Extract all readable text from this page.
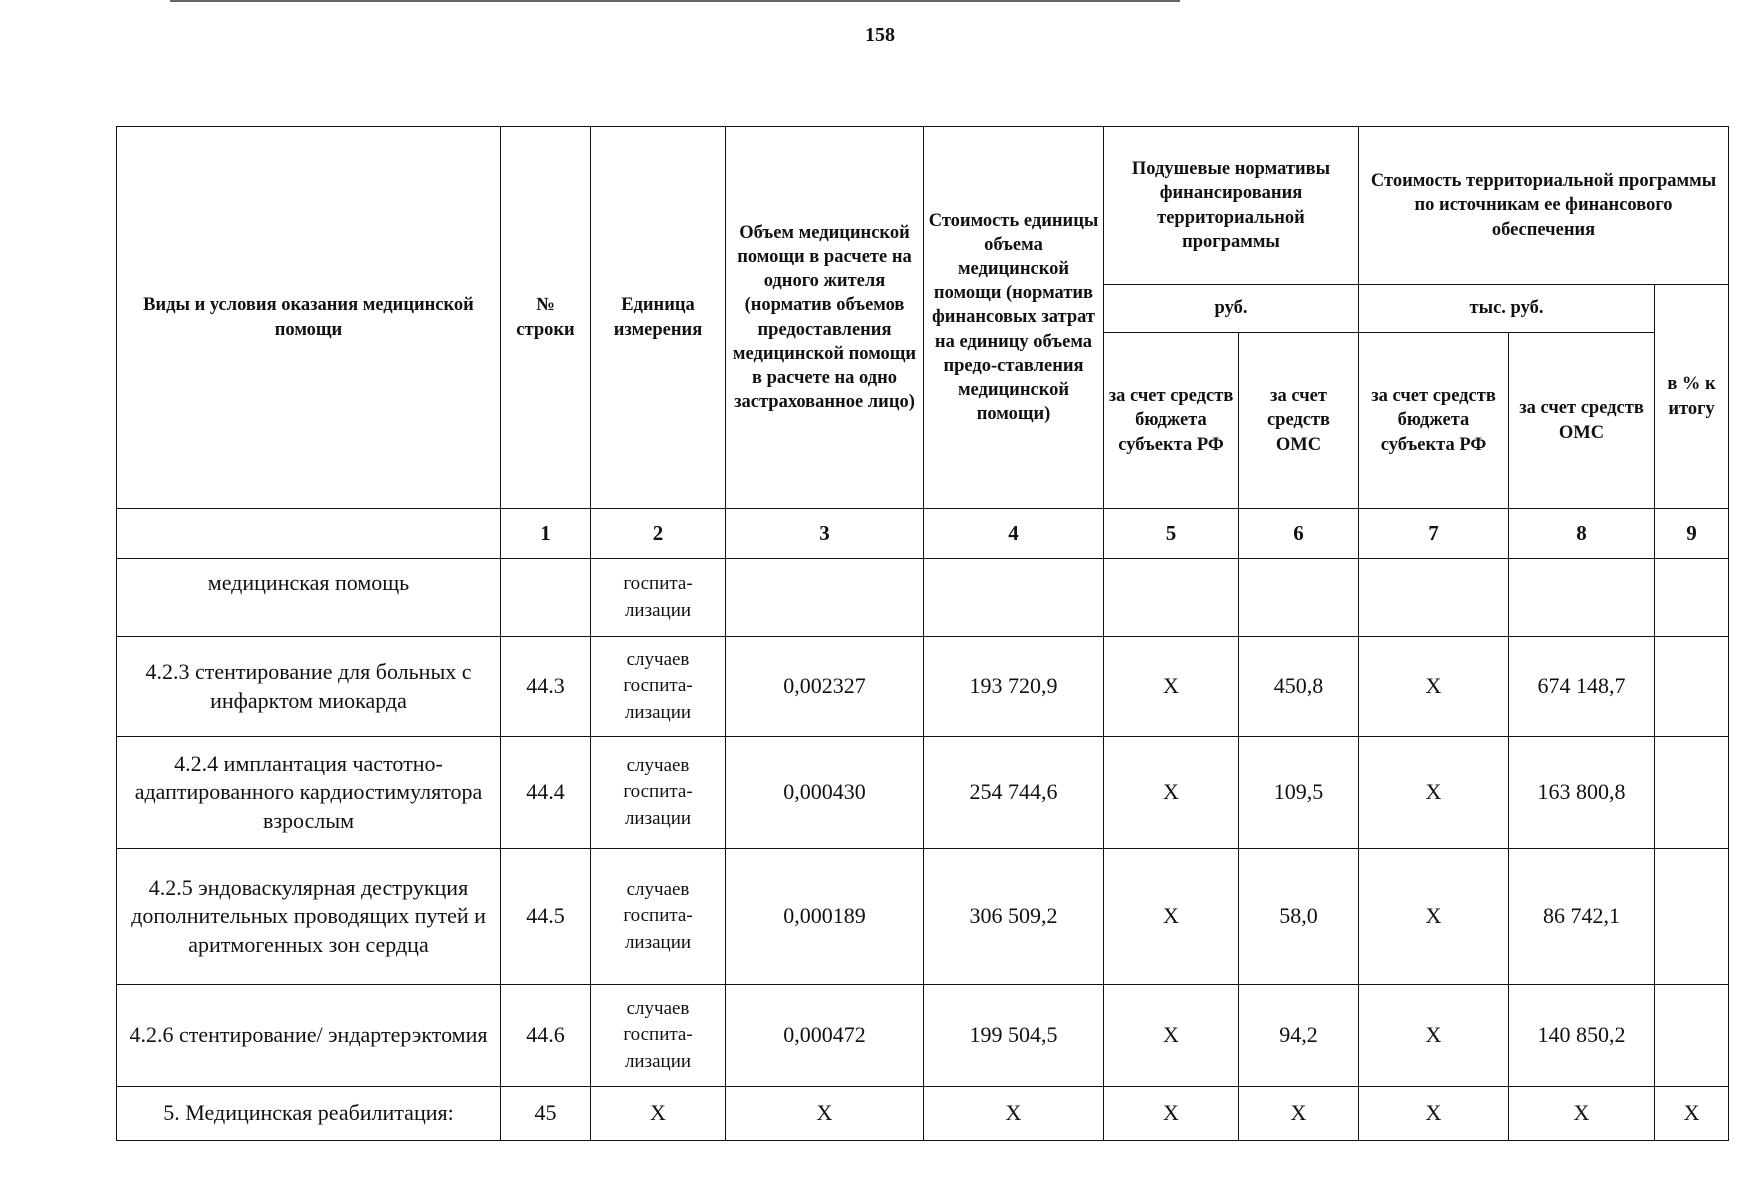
158
Виды и условия оказания медицинской помощи	№ строки	Единица измерения	Объем медицинской помощи в расчете на одного жителя (норматив объемов предоставления медицинской помощи в расчете на одно застрахованное лицо)	Стоимость единицы объема медицинской помощи (норматив финансовых затрат на единицу объема предо-ставления медицинской помощи)	Подушевые нормативы финансирования территориальной программы		Стоимость территориальной программы по источникам ее финансового обеспечения		
					руб.		тыс. руб.		в % к итогу
					за счет средств бюджета субъекта РФ	за счет средств ОМС	за счет средств бюджета субъекта РФ	за счет средств ОМС	
	1	2	3	4	5	6	7	8	9
медицинская помощь		госпита-лизации							
4.2.3 стентирование для больных с инфарктом миокарда	44.3	случаев госпита-лизации	0,002327	193 720,9	X	450,8	X	674 148,7	
4.2.4 имплантация частотно-адаптированного кардиостимулятора взрослым	44.4	случаев госпита-лизации	0,000430	254 744,6	X	109,5	X	163 800,8	
4.2.5 эндоваскулярная деструкция дополнительных проводящих путей и аритмогенных зон сердца	44.5	случаев госпита-лизации	0,000189	306 509,2	X	58,0	X	86 742,1	
4.2.6 стентирование/ эндартерэктомия	44.6	случаев госпита-лизации	0,000472	199 504,5	X	94,2	X	140 850,2	
5. Медицинская реабилитация:	45	X	X	X	X	X	X	X	X
